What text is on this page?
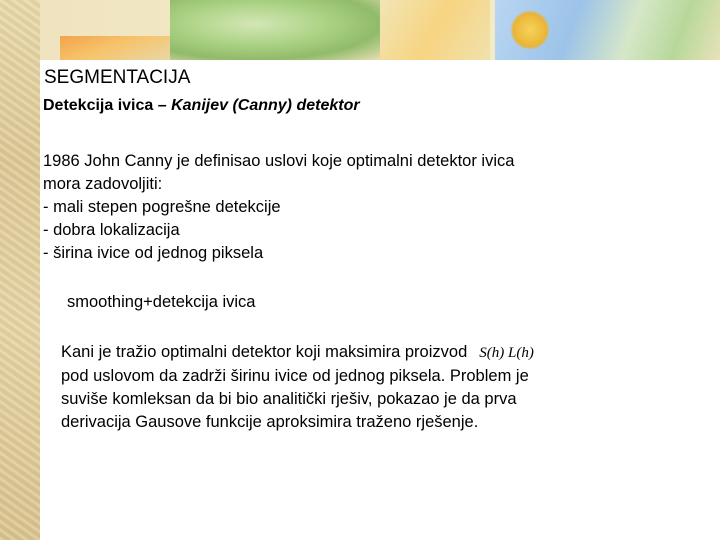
SEGMENTACIJA
Detekcija ivica – Kanijev (Canny) detektor
1986 John Canny je definisao uslovi koje optimalni detektor ivica
mora zadovoljiti:
- mali stepen pogrešne detekcije
- dobra lokalizacija
- širina ivice od jednog piksela
smoothing+detekcija ivica
Kani je tražio optimalni detektor koji maksimira proizvod S(h) L(h)
pod uslovom da zadrži širinu ivice od jednog piksela. Problem je
suviše komleksan da bi bio analitički rješiv, pokazao je da prva
derivacija Gausove funkcije aproksimira traženo rješenje.
